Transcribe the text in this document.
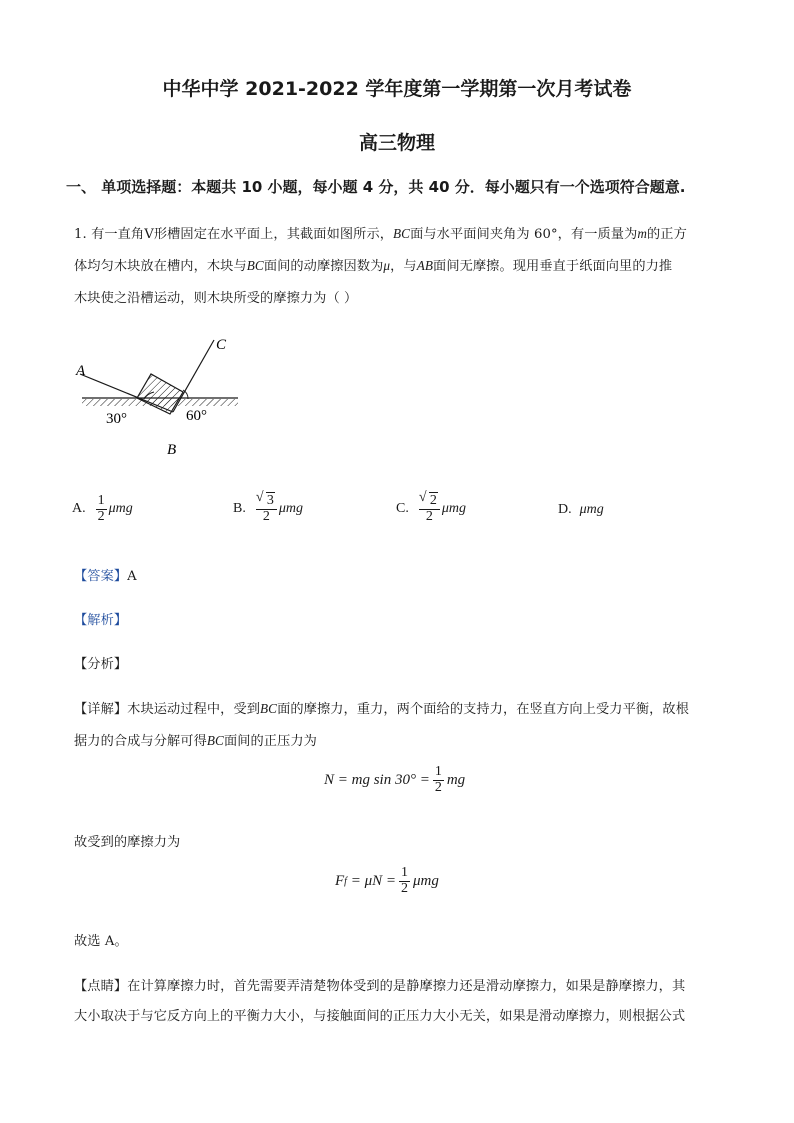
中华中学 2021-2022 学年度第一学期第一次月考试卷
高三物理
一、 单项选择题：本题共 10 小题，每小题 4 分，共 40 分．每小题只有一个选项符合题意.
1. 有一直角V形槽固定在水平面上，其截面如图所示，BC面与水平面间夹角为 60°，有一质量为m的正方
体均匀木块放在槽内，木块与BC面间的动摩擦因数为μ，与AB面间无摩擦。现用垂直于纸面向里的力推
木块使之沿槽运动，则木块所受的摩擦力为（ ）
A
B
C
30°	60°
A. $\frac{1}{2}$ μmg	B. √ $\frac{3}{2}$ μmg	C. √ $\frac{2}{2}$ μmg	D. μmg
【答案】A
【解析】
【分析】
【详解】木块运动过程中，受到BC面的摩擦力，重力，两个面给的支持力，在竖直方向上受力平衡，故根
据力的合成与分解可得BC面间的正压力为
N = mg $\sin 30^\circ = \frac{1}{2}$ mg
故受到的摩擦力为
F $f = \mu N = \frac{1}{2}$ μmg
故选 A。
【点睛】在计算摩擦力时，首先需要弄清楚物体受到的是静摩擦力还是滑动摩擦力，如果是静摩擦力，其
大小取决于与它反方向上的平衡力大小，与接触面间的正压力大小无关，如果是滑动摩擦力，则根据公式
